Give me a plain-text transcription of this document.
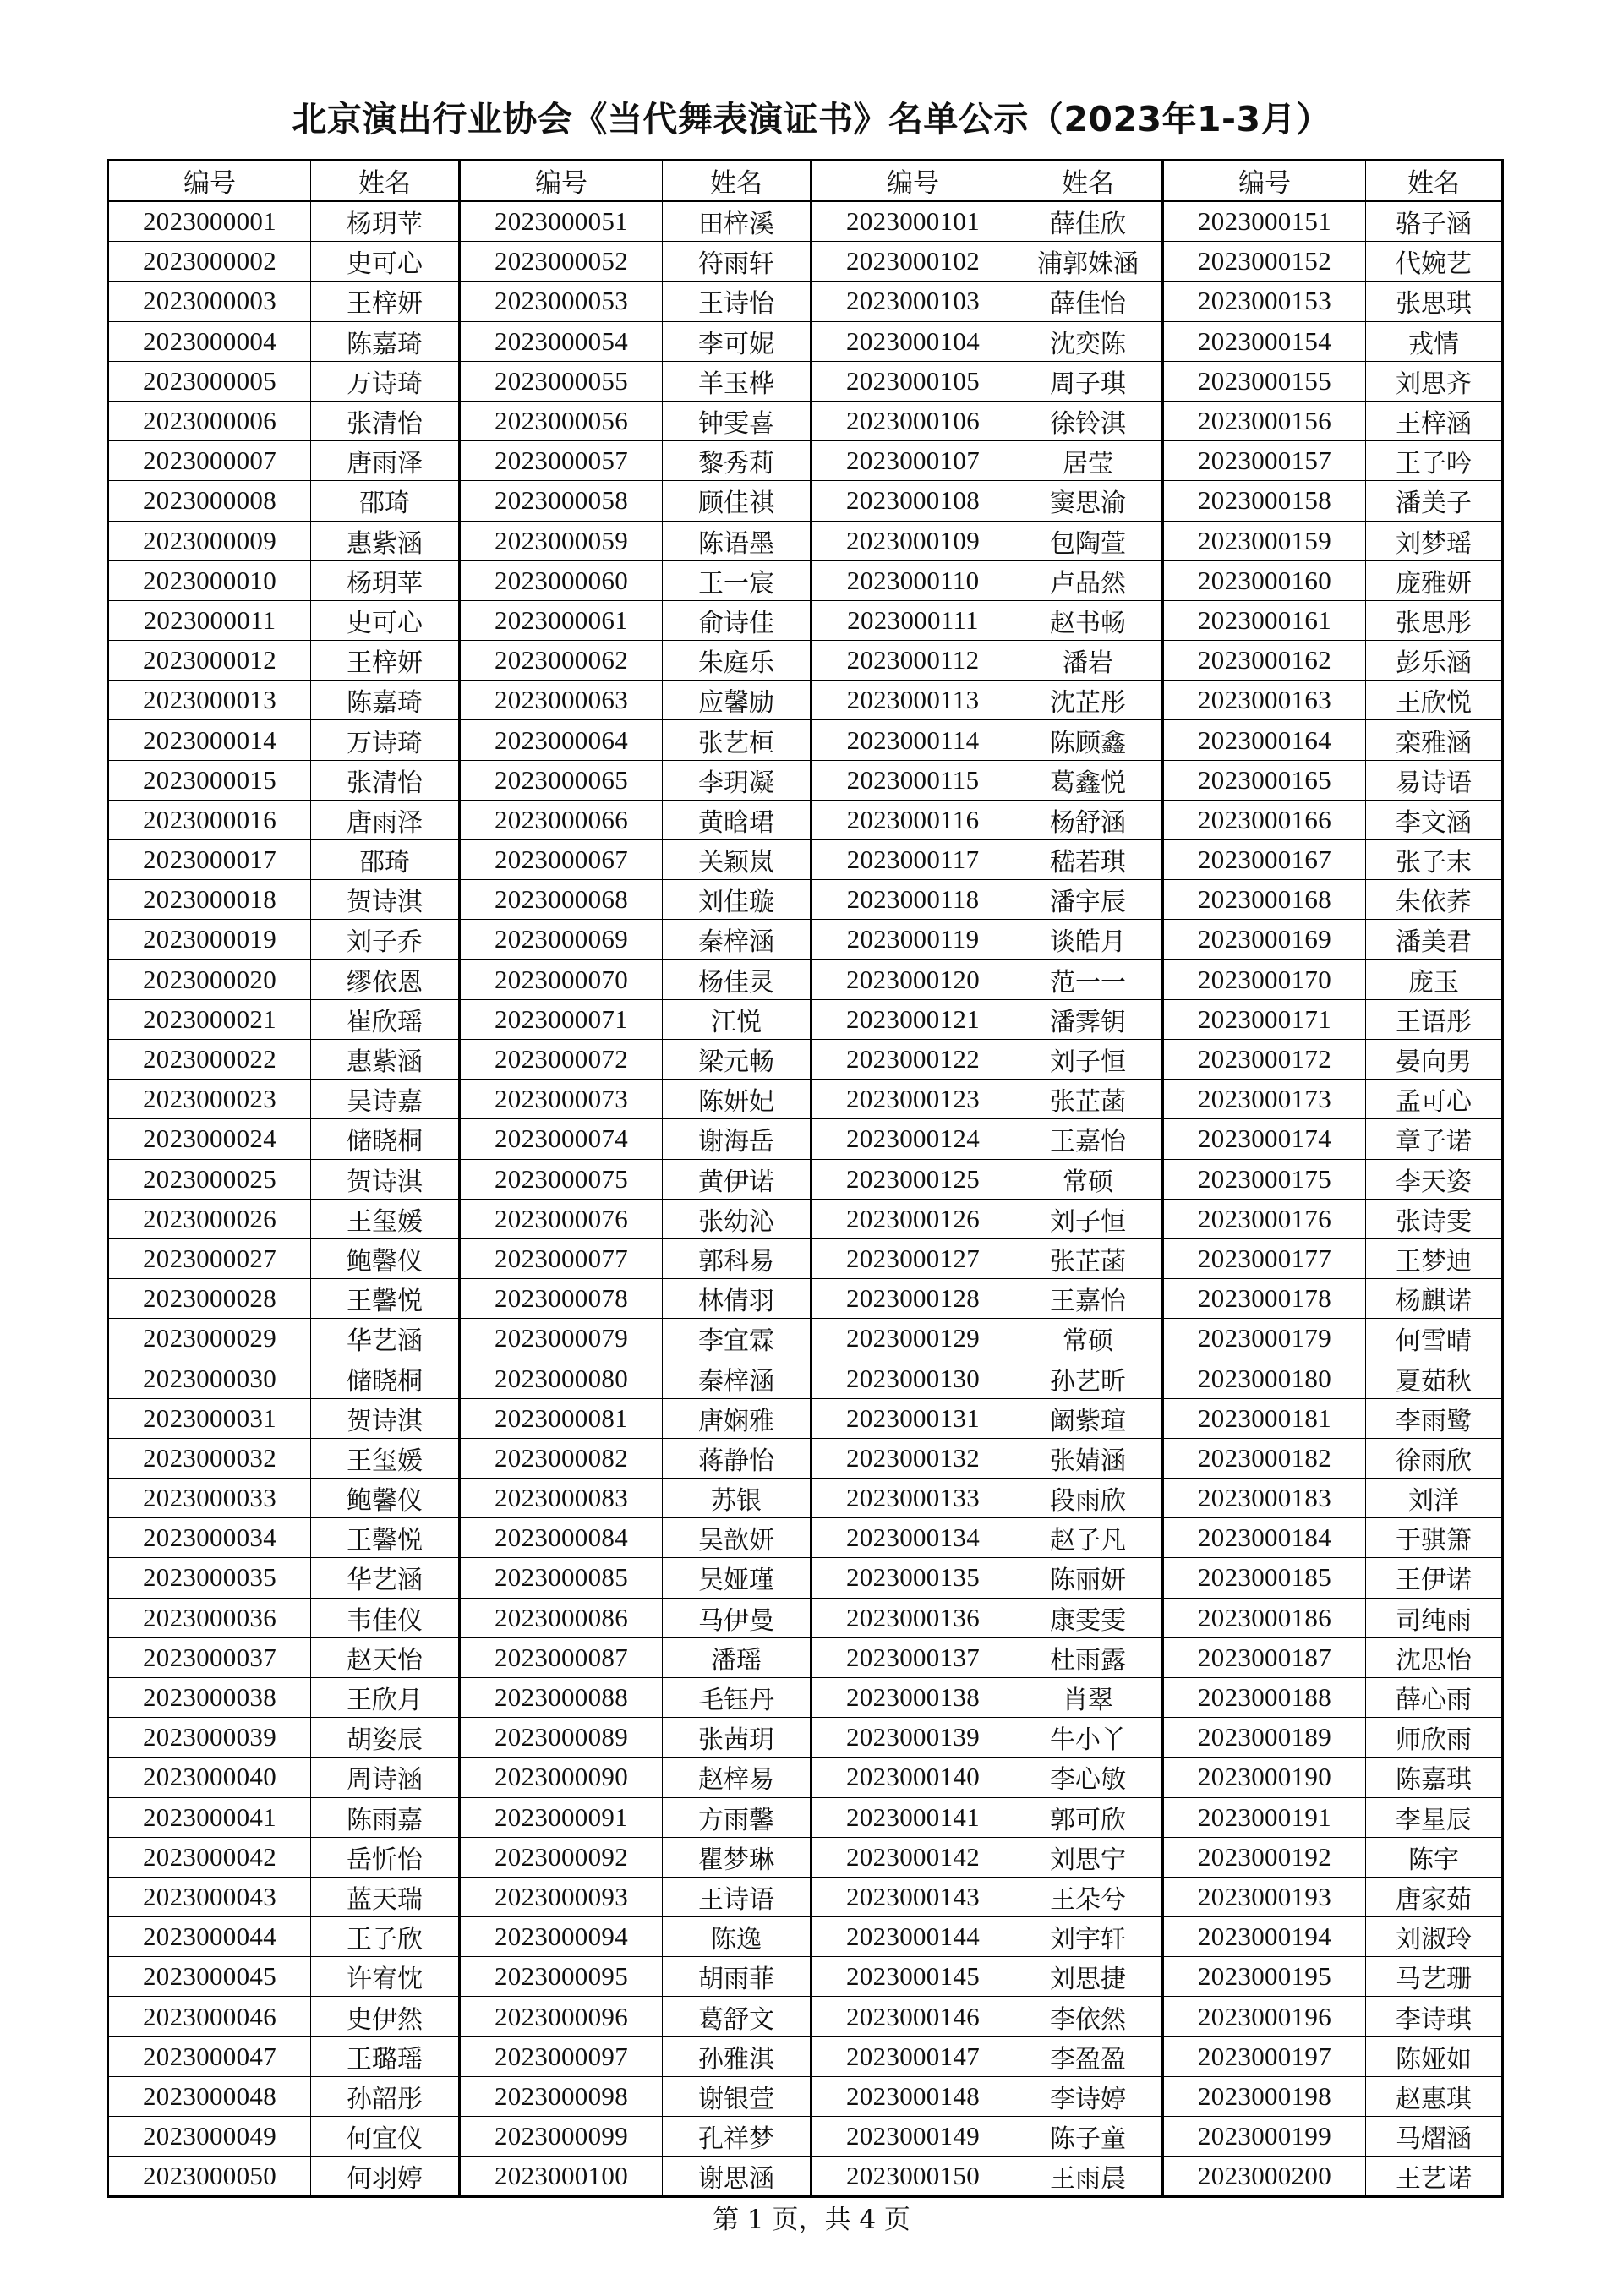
北京演出行业协会《当代舞表演证书》名单公示（2023年1-3月）
编号	姓名	编号	姓名	编号	姓名	编号	姓名
2023000001	杨玥苹	2023000051	田梓溪	2023000101	薛佳欣	2023000151	骆子涵
2023000002	史可心	2023000052	符雨轩	2023000102	浦郭姝涵	2023000152	代婉艺
2023000003	王梓妍	2023000053	王诗怡	2023000103	薛佳怡	2023000153	张思琪
2023000004	陈嘉琦	2023000054	李可妮	2023000104	沈奕陈	2023000154	戎情
2023000005	万诗琦	2023000055	羊玉桦	2023000105	周子琪	2023000155	刘思齐
2023000006	张清怡	2023000056	钟雯喜	2023000106	徐铃淇	2023000156	王梓涵
2023000007	唐雨泽	2023000057	黎秀莉	2023000107	居莹	2023000157	王子吟
2023000008	邵琦	2023000058	顾佳祺	2023000108	窦思渝	2023000158	潘美子
2023000009	惠紫涵	2023000059	陈语墨	2023000109	包陶萱	2023000159	刘梦瑶
2023000010	杨玥苹	2023000060	王一宸	2023000110	卢品然	2023000160	庞雅妍
2023000011	史可心	2023000061	俞诗佳	2023000111	赵书畅	2023000161	张思彤
2023000012	王梓妍	2023000062	朱庭乐	2023000112	潘岩	2023000162	彭乐涵
2023000013	陈嘉琦	2023000063	应馨励	2023000113	沈芷彤	2023000163	王欣悦
2023000014	万诗琦	2023000064	张艺桓	2023000114	陈顾鑫	2023000164	栾雅涵
2023000015	张清怡	2023000065	李玥凝	2023000115	葛鑫悦	2023000165	易诗语
2023000016	唐雨泽	2023000066	黄晗珺	2023000116	杨舒涵	2023000166	李文涵
2023000017	邵琦	2023000067	关颖岚	2023000117	嵇若琪	2023000167	张子末
2023000018	贺诗淇	2023000068	刘佳璇	2023000118	潘宇辰	2023000168	朱依荞
2023000019	刘子乔	2023000069	秦梓涵	2023000119	谈皓月	2023000169	潘美君
2023000020	缪依恩	2023000070	杨佳灵	2023000120	范一一	2023000170	庞玉
2023000021	崔欣瑶	2023000071	江悦	2023000121	潘霁钥	2023000171	王语彤
2023000022	惠紫涵	2023000072	梁元畅	2023000122	刘子恒	2023000172	晏向男
2023000023	吴诗嘉	2023000073	陈妍妃	2023000123	张芷菡	2023000173	孟可心
2023000024	储晓桐	2023000074	谢海岳	2023000124	王嘉怡	2023000174	章子诺
2023000025	贺诗淇	2023000075	黄伊诺	2023000125	常硕	2023000175	李天姿
2023000026	王玺媛	2023000076	张幼沁	2023000126	刘子恒	2023000176	张诗雯
2023000027	鲍馨仪	2023000077	郭科易	2023000127	张芷菡	2023000177	王梦迪
2023000028	王馨悦	2023000078	林倩羽	2023000128	王嘉怡	2023000178	杨麒诺
2023000029	华艺涵	2023000079	李宜霖	2023000129	常硕	2023000179	何雪晴
2023000030	储晓桐	2023000080	秦梓涵	2023000130	孙艺昕	2023000180	夏茹秋
2023000031	贺诗淇	2023000081	唐娴雅	2023000131	阚紫瑄	2023000181	李雨鹭
2023000032	王玺媛	2023000082	蒋静怡	2023000132	张婧涵	2023000182	徐雨欣
2023000033	鲍馨仪	2023000083	苏银	2023000133	段雨欣	2023000183	刘洋
2023000034	王馨悦	2023000084	吴歆妍	2023000134	赵子凡	2023000184	于骐箫
2023000035	华艺涵	2023000085	吴娅瑾	2023000135	陈丽妍	2023000185	王伊诺
2023000036	韦佳仪	2023000086	马伊曼	2023000136	康雯雯	2023000186	司纯雨
2023000037	赵天怡	2023000087	潘瑶	2023000137	杜雨露	2023000187	沈思怡
2023000038	王欣月	2023000088	毛钰丹	2023000138	肖翠	2023000188	薛心雨
2023000039	胡姿辰	2023000089	张茜玥	2023000139	牛小丫	2023000189	师欣雨
2023000040	周诗涵	2023000090	赵梓易	2023000140	李心敏	2023000190	陈嘉琪
2023000041	陈雨嘉	2023000091	方雨馨	2023000141	郭可欣	2023000191	李星辰
2023000042	岳忻怡	2023000092	瞿梦琳	2023000142	刘思宁	2023000192	陈宇
2023000043	蓝天瑞	2023000093	王诗语	2023000143	王朵兮	2023000193	唐家茹
2023000044	王子欣	2023000094	陈逸	2023000144	刘宇轩	2023000194	刘淑玲
2023000045	许宥忱	2023000095	胡雨菲	2023000145	刘思捷	2023000195	马艺珊
2023000046	史伊然	2023000096	葛舒文	2023000146	李依然	2023000196	李诗琪
2023000047	王璐瑶	2023000097	孙雅淇	2023000147	李盈盈	2023000197	陈娅如
2023000048	孙韶彤	2023000098	谢银萱	2023000148	李诗婷	2023000198	赵惠琪
2023000049	何宜仪	2023000099	孔祥梦	2023000149	陈子童	2023000199	马熠涵
2023000050	何羽婷	2023000100	谢思涵	2023000150	王雨晨	2023000200	王艺诺
第 1 页，共 4 页
